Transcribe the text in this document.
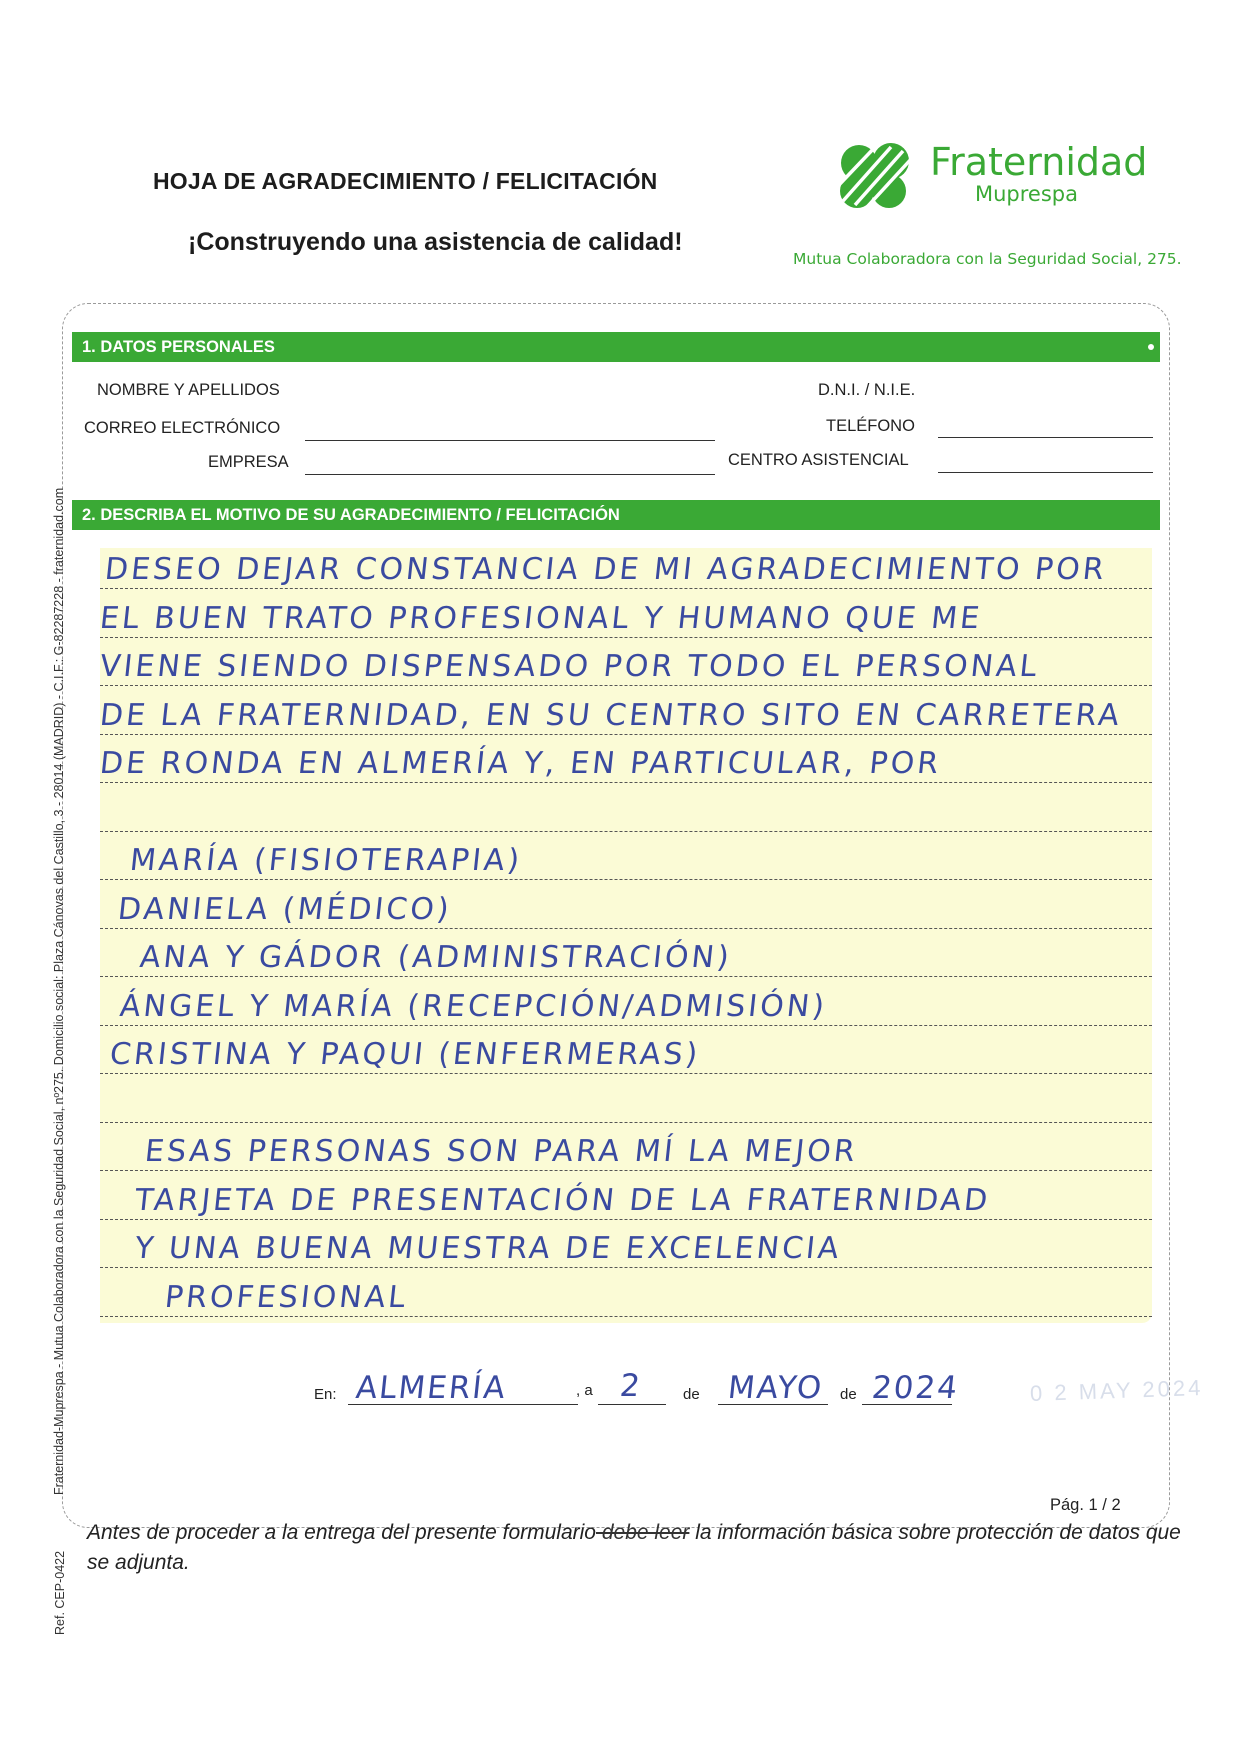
HOJA DE AGRADECIMIENTO / FELICITACIÓN
¡Construyendo una asistencia de calidad!
Fraternidad
Muprespa
Mutua Colaboradora con la Seguridad Social, 275.
1. DATOS PERSONALES
NOMBRE Y APELLIDOS
CORREO ELECTRÓNICO
EMPRESA
D.N.I. / N.I.E.
TELÉFONO
CENTRO ASISTENCIAL
2. DESCRIBA EL MOTIVO DE SU AGRADECIMIENTO / FELICITACIÓN
DESEO DEJAR CONSTANCIA DE MI AGRADECIMIENTO POR
EL BUEN TRATO PROFESIONAL Y HUMANO QUE ME
VIENE SIENDO DISPENSADO POR TODO EL PERSONAL
DE LA FRATERNIDAD, EN SU CENTRO SITO EN CARRETERA
DE RONDA EN ALMERÍA Y, EN PARTICULAR, POR
MARÍA (FISIOTERAPIA)
DANIELA (MÉDICO)
ANA Y GÁDOR (ADMINISTRACIÓN)
ÁNGEL Y MARÍA (RECEPCIÓN/ADMISIÓN)
CRISTINA Y PAQUI (ENFERMERAS)
ESAS PERSONAS SON PARA MÍ LA MEJOR
TARJETA DE PRESENTACIÓN DE LA FRATERNIDAD
Y UNA BUENA MUESTRA DE EXCELENCIA
PROFESIONAL
En: ALMERÍA	, a 2	de MAYO de 2024	0 2 MAY 2024
Pág. 1 / 2
Antes de proceder a la entrega del presente formulario debe leer la información básica sobre protección de datos que se adjunta.
Fraternidad-Muprespa - Mutua Colaboradora con la Seguridad Social, nº275. Domicilio social: Plaza Cánovas del Castillo, 3 - 28014 (MADRID) - C.I.F.: G-82287228 - fraternidad.com
Ref. CEP-0422
